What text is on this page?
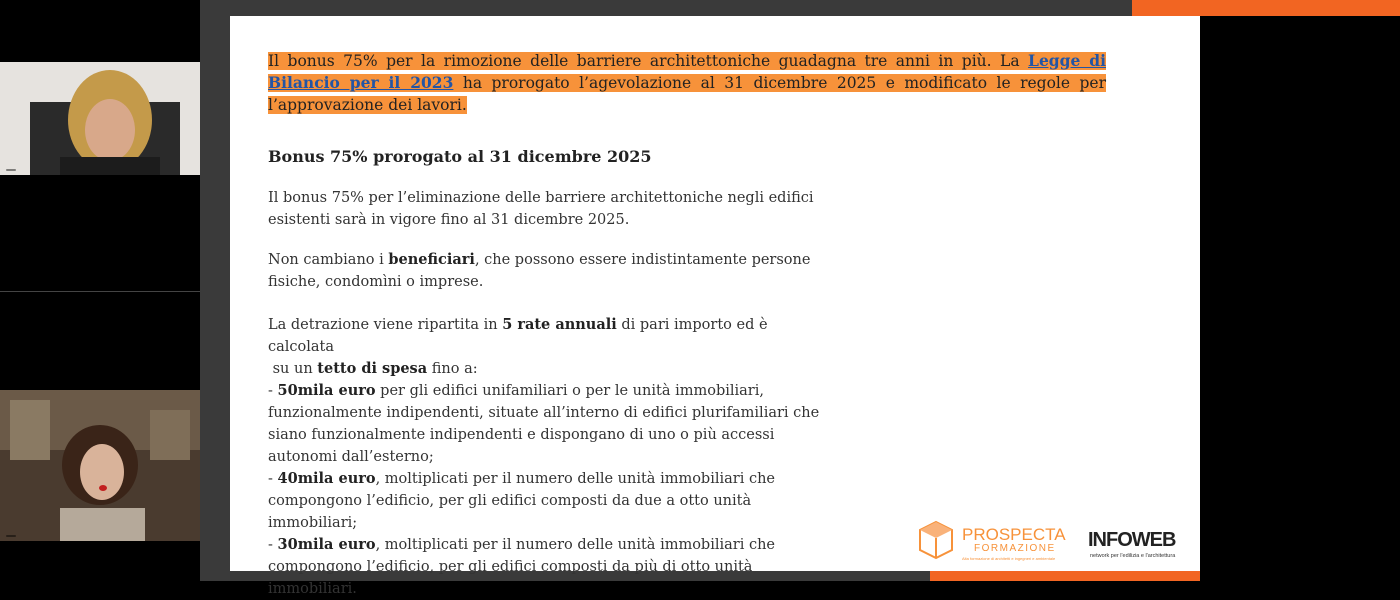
Il bonus 75% per la rimozione delle barriere architettoniche guadagna tre anni in più. La Legge di Bilancio per il 2023 ha prorogato l’agevolazione al 31 dicembre 2025 e modificato le regole per l’approvazione dei lavori.

Bonus 75% prorogato al 31 dicembre 2025

Il bonus 75% per l’eliminazione delle barriere architettoniche negli edifici esistenti sarà in vigore fino al 31 dicembre 2025.

Non cambiano i beneficiari, che possono essere indistintamente persone fisiche, condomìni o imprese.

La detrazione viene ripartita in 5 rate annuali di pari importo ed è calcolata
su un tetto di spesa fino a:
- 50mila euro per gli edifici unifamiliari o per le unità immobiliari, funzionalmente indipendenti, situate all’interno di edifici plurifamiliari che siano funzionalmente indipendenti e dispongano di uno o più accessi autonomi dall’esterno;
- 40mila euro, moltiplicati per il numero delle unità immobiliari che compongono l’edificio, per gli edifici composti da due a otto unità immobiliari;
- 30mila euro, moltiplicati per il numero delle unità immobiliari che compongono l’edificio, per gli edifici composti da più di otto unità immobiliari.
PROSPECTA
FORMAZIONE
Alta formazione di architetti e ingegneri e ambientale
INFOWEB
network per l'edilizia e l'architettura
